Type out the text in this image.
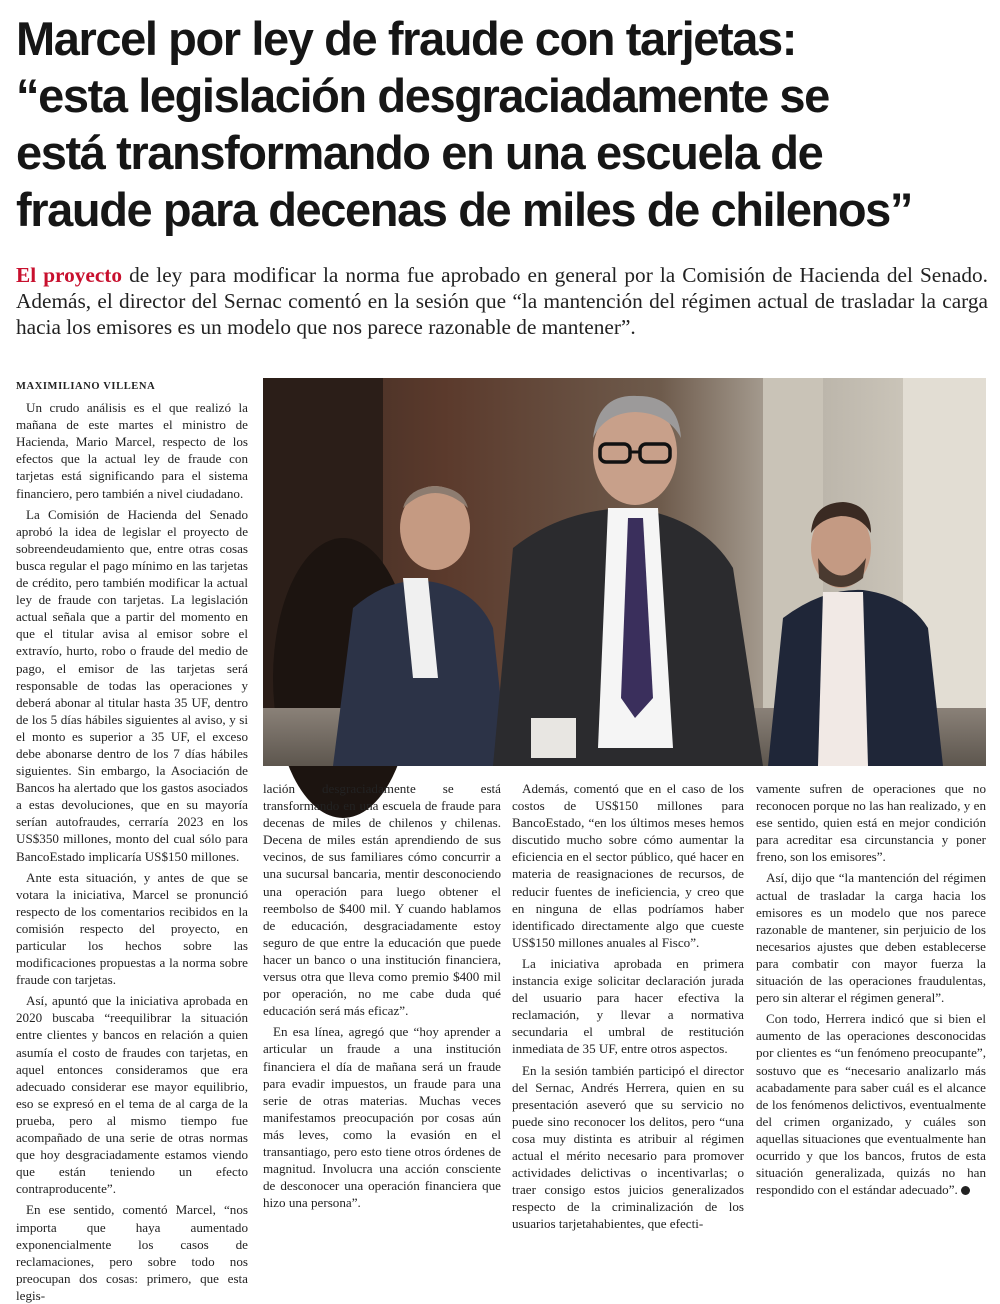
Marcel por ley de fraude con tarjetas:
“esta legislación desgraciadamente se
está transformando en una escuela de
fraude para decenas de miles de chilenos”

El proyecto de ley para modificar la norma fue aprobado en general por la Comisión de Hacienda del Senado. Además, el director del Sernac comentó en la sesión que “la mantención del régimen actual de trasladar la carga hacia los emisores es un modelo que nos parece razonable de mantener”.

MAXIMILIANO VILLENA

Un crudo análisis es el que realizó la mañana de este martes el ministro de Hacienda, Mario Marcel, respecto de los efectos que la actual ley de fraude con tarjetas está significando para el sistema financiero, pero también a nivel ciudadano.

La Comisión de Hacienda del Senado aprobó la idea de legislar el proyecto de sobreendeudamiento que, entre otras cosas busca regular el pago mínimo en las tarjetas de crédito, pero también modificar la actual ley de fraude con tarjetas. La legislación actual señala que a partir del momento en que el titular avisa al emisor sobre el extravío, hurto, robo o fraude del medio de pago, el emisor de las tarjetas será responsable de todas las operaciones y deberá abonar al titular hasta 35 UF, dentro de los 5 días hábiles siguientes al aviso, y si el monto es superior a 35 UF, el exceso debe abonarse dentro de los 7 días hábiles siguientes. Sin embargo, la Asociación de Bancos ha alertado que los gastos asociados a estas devoluciones, que en su mayoría serían autofraudes, cerraría 2023 en los US$350 millones, monto del cual sólo para BancoEstado implicaría US$150 millones.

Ante esta situación, y antes de que se votara la iniciativa, Marcel se pronunció respecto de los comentarios recibidos en la comisión respecto del proyecto, en particular los hechos sobre las modificaciones propuestas a la norma sobre fraude con tarjetas.

Así, apuntó que la iniciativa aprobada en 2020 buscaba “reequilibrar la situación entre clientes y bancos en relación a quien asumía el costo de fraudes con tarjetas, en aquel entonces consideramos que era adecuado considerar ese mayor equilibrio, eso se expresó en el tema de al carga de la prueba, pero al mismo tiempo fue acompañado de una serie de otras normas que hoy desgraciadamente estamos viendo que están teniendo un efecto contraproducente”.

En ese sentido, comentó Marcel, “nos importa que haya aumentado exponencialmente los casos de reclamaciones, pero sobre todo nos preocupan dos cosas: primero, que esta legis-

lación desgraciadamente se está transformando en una escuela de fraude para decenas de miles de chilenos y chilenas. Decena de miles están aprendiendo de sus vecinos, de sus familiares cómo concurrir a una sucursal bancaria, mentir desconociendo una operación para luego obtener el reembolso de $400 mil. Y cuando hablamos de educación, desgraciadamente estoy seguro de que entre la educación que puede hacer un banco o una institución financiera, versus otra que lleva como premio $400 mil por operación, no me cabe duda qué educación será más eficaz”.

En esa línea, agregó que “hoy aprender a articular un fraude a una institución financiera el día de mañana será un fraude para evadir impuestos, un fraude para una serie de otras materias. Muchas veces manifestamos preocupación por cosas aún más leves, como la evasión en el transantiago, pero esto tiene otros órdenes de magnitud. Involucra una acción consciente de desconocer una operación financiera que hizo una persona”.

Además, comentó que en el caso de los costos de US$150 millones para BancoEstado, “en los últimos meses hemos discutido mucho sobre cómo aumentar la eficiencia en el sector público, qué hacer en materia de reasignaciones de recursos, de reducir fuentes de ineficiencia, y creo que en ninguna de ellas podríamos haber identificado directamente algo que cueste US$150 millones anuales al Fisco”.

La iniciativa aprobada en primera instancia exige solicitar declaración jurada del usuario para hacer efectiva la reclamación, y llevar a normativa secundaria el umbral de restitución inmediata de 35 UF, entre otros aspectos.

En la sesión también participó el director del Sernac, Andrés Herrera, quien en su presentación aseveró que su servicio no puede sino reconocer los delitos, pero “una cosa muy distinta es atribuir al régimen actual el mérito necesario para promover actividades delictivas o incentivarlas; o traer consigo estos juicios generalizados respecto de la criminalización de los usuarios tarjetahabientes, que efecti-

vamente sufren de operaciones que no reconocen porque no las han realizado, y en ese sentido, quien está en mejor condición para acreditar esa circunstancia y poner freno, son los emisores”.

Así, dijo que “la mantención del régimen actual de trasladar la carga hacia los emisores es un modelo que nos parece razonable de mantener, sin perjuicio de los necesarios ajustes que deben establecerse para combatir con mayor fuerza la situación de las operaciones fraudulentas, pero sin alterar el régimen general”.

Con todo, Herrera indicó que si bien el aumento de las operaciones desconocidas por clientes es “un fenómeno preocupante”, sostuvo que es “necesario analizarlo más acabadamente para saber cuál es el alcance de los fenómenos delictivos, eventualmente del crimen organizado, y cuáles son aquellas situaciones que eventualmente han ocurrido y que los bancos, frutos de esta situación generalizada, quizás no han respondido con el estándar adecuado”.
